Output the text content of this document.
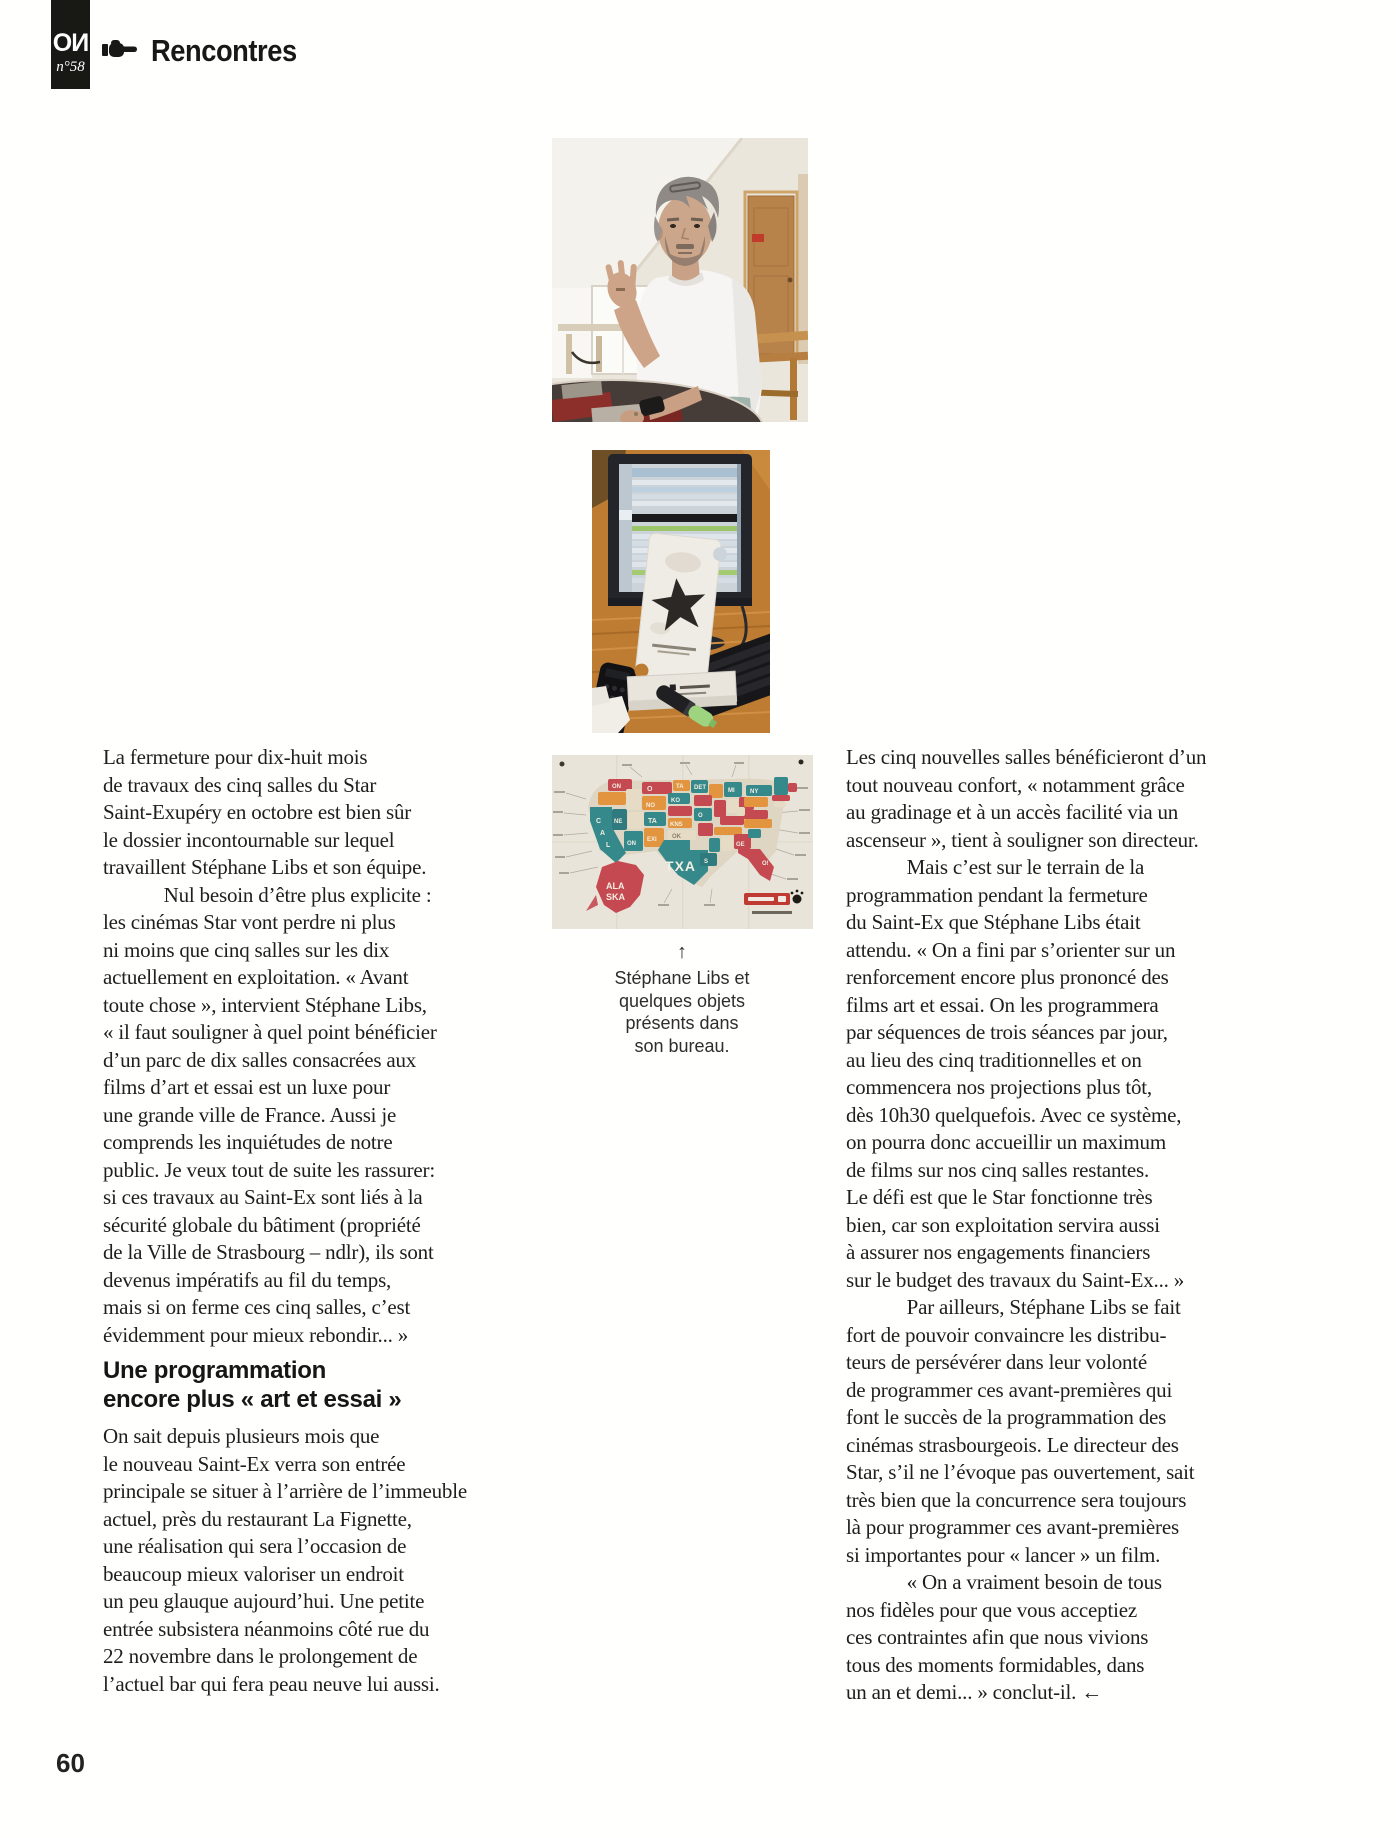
OИ
n°58 Rencontres
ON	O	TA DET	MI
C
A
L
NE
NO
KO
TA KNS
O
ON
EXI	OK
TXA S
GE
NY
O!
ALA
SKA
↑
Stéphane Libs et
quelques objets
présents dans
son bureau.
La fermeture pour dix-huit mois
de travaux des cinq salles du Star
Saint-Exupéry en octobre est bien sûr
le dossier incontournable sur lequel
travaillent Stéphane Libs et son équipe.
Nul besoin d’être plus explicite :
les cinémas Star vont perdre ni plus
ni moins que cinq salles sur les dix
actuellement en exploitation. « Avant
toute chose », intervient Stéphane Libs,
« il faut souligner à quel point bénéficier
d’un parc de dix salles consacrées aux
films d’art et essai est un luxe pour
une grande ville de France. Aussi je
comprends les inquiétudes de notre
public. Je veux tout de suite les rassurer:
si ces travaux au Saint-Ex sont liés à la
sécurité globale du bâtiment (propriété
de la Ville de Strasbourg – ndlr), ils sont
devenus impératifs au fil du temps,
mais si on ferme ces cinq salles, c’est
évidemment pour mieux rebondir... »
Une programmation
encore plus « art et essai »
On sait depuis plusieurs mois que
le nouveau Saint-Ex verra son entrée
principale se situer à l’arrière de l’immeuble
actuel, près du restaurant La Fignette,
une réalisation qui sera l’occasion de
beaucoup mieux valoriser un endroit
un peu glauque aujourd’hui. Une petite
entrée subsistera néanmoins côté rue du
22 novembre dans le prolongement de
l’actuel bar qui fera peau neuve lui aussi.
Les cinq nouvelles salles bénéficieront d’un
tout nouveau confort, « notamment grâce
au gradinage et à un accès facilité via un
ascenseur », tient à souligner son directeur.
Mais c’est sur le terrain de la
programmation pendant la fermeture
du Saint-Ex que Stéphane Libs était
attendu. « On a fini par s’orienter sur un
renforcement encore plus prononcé des
films art et essai. On les programmera
par séquences de trois séances par jour,
au lieu des cinq traditionnelles et on
commencera nos projections plus tôt,
dès 10h30 quelquefois. Avec ce système,
on pourra donc accueillir un maximum
de films sur nos cinq salles restantes.
Le défi est que le Star fonctionne très
bien, car son exploitation servira aussi
à assurer nos engagements financiers
sur le budget des travaux du Saint-Ex... »
Par ailleurs, Stéphane Libs se fait
fort de pouvoir convaincre les distribu-
teurs de persévérer dans leur volonté
de programmer ces avant-premières qui
font le succès de la programmation des
cinémas strasbourgeois. Le directeur des
Star, s’il ne l’évoque pas ouvertement, sait
très bien que la concurrence sera toujours
là pour programmer ces avant-premières
si importantes pour « lancer » un film.
« On a vraiment besoin de tous
nos fidèles pour que vous acceptiez
ces contraintes afin que nous vivions
tous des moments formidables, dans
un an et demi... » conclut-il. ←
60
